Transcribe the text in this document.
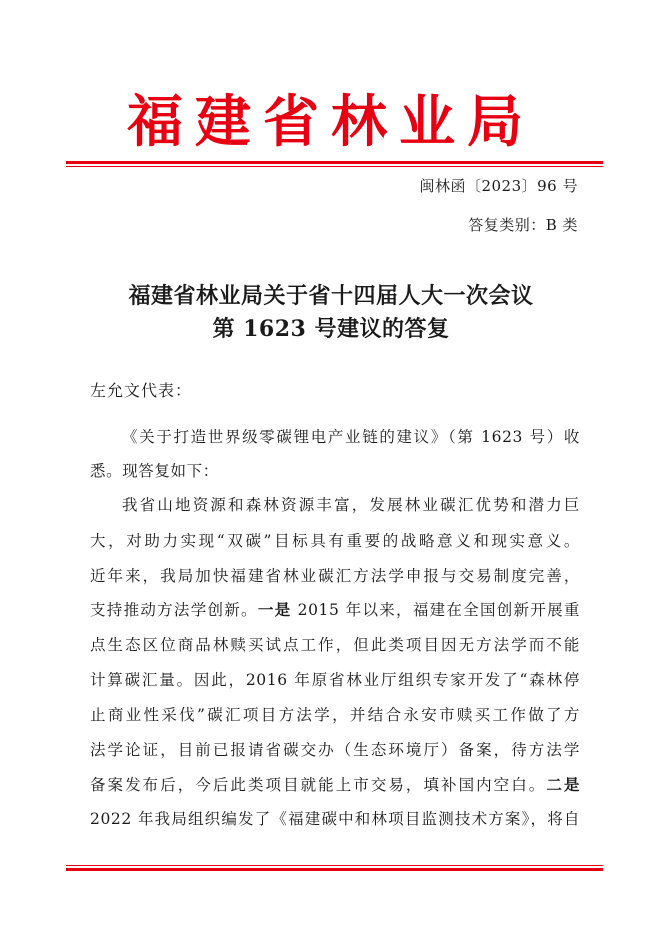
福建省林业局
闽林函〔2023〕96 号
答复类别：B 类
福建省林业局关于省十四届人大一次会议
第 1623 号建议的答复
左允文代表：
《关于打造世界级零碳锂电产业链的建议》（第 1623 号）收
悉。现答复如下：
我省山地资源和森林资源丰富，发展林业碳汇优势和潜力巨
大，对助力实现“双碳”目标具有重要的战略意义和现实意义。
近年来，我局加快福建省林业碳汇方法学申报与交易制度完善，
支持推动方法学创新。一是 2015 年以来，福建在全国创新开展重
点生态区位商品林赎买试点工作，但此类项目因无方法学而不能
计算碳汇量。因此，2016 年原省林业厅组织专家开发了“森林停
止商业性采伐”碳汇项目方法学，并结合永安市赎买工作做了方
法学论证，目前已报请省碳交办（生态环境厅）备案，待方法学
备案发布后，今后此类项目就能上市交易，填补国内空白。二是
2022 年我局组织编发了《福建碳中和林项目监测技术方案》，将自
